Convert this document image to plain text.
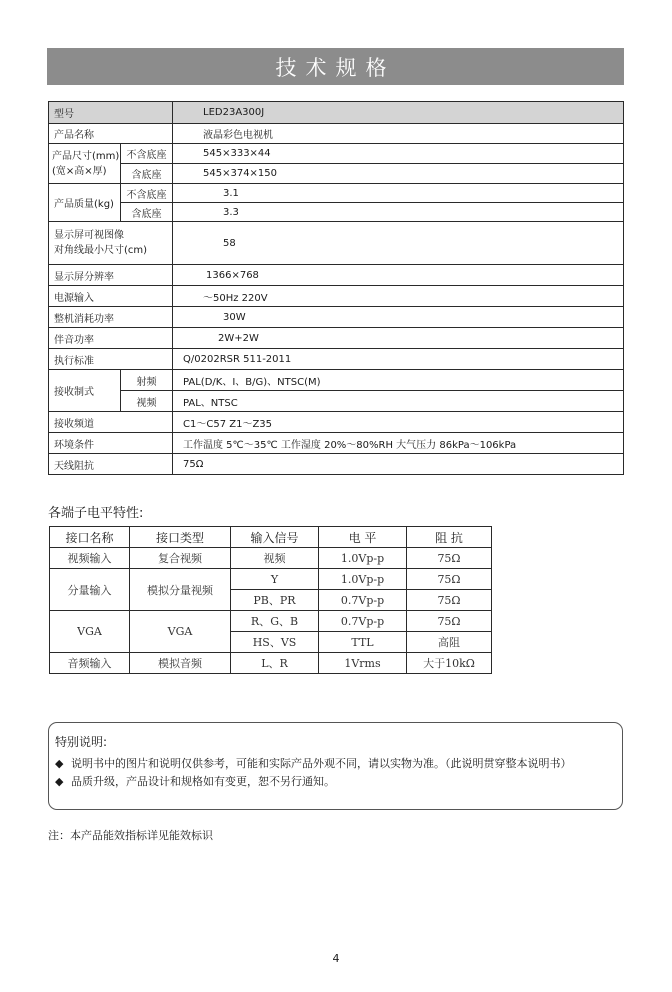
技术规格
型号		LED23A300J
产品名称		液晶彩色电视机

产品尺寸(mm)
(宽×高×厚)	不含底座	545×333×44
	含底座	545×374×150
产品质量(kg)	不含底座	3.1
	含底座	3.3

显示屏可视图像
对角线最小尺寸(cm)		58
显示屏分辨率		1366×768
电源输入		～50Hz 220V
整机消耗功率		30W
伴音功率		2W+2W
执行标准		Q/0202RSR 511-2011
接收制式	射频	PAL(D/K、I、B/G)、NTSC(M)
	视频	PAL、NTSC
接收频道		C1～C57 Z1～Z35
环境条件		工作温度 5℃～35℃ 工作湿度 20%～80%RH 大气压力 86kPa～106kPa
天线阻抗		75Ω
各端子电平特性:
接口名称	接口类型	输入信号	电 平	阻 抗
视频输入	复合视频	视频	1.0Vp-p	75Ω
分量输入	模拟分量视频	Y	1.0Vp-p	75Ω
		PB、PR	0.7Vp-p	75Ω
VGA	VGA	R、G、B	0.7Vp-p	75Ω
		HS、VS	TTL	高阻
音频输入	模拟音频	L、R	1Vrms	大于10kΩ
特别说明:
◆ 说明书中的图片和说明仅供参考，可能和实际产品外观不同，请以实物为准。（此说明贯穿整本说明书）
◆ 品质升级，产品设计和规格如有变更，恕不另行通知。
注：本产品能效指标详见能效标识
4
